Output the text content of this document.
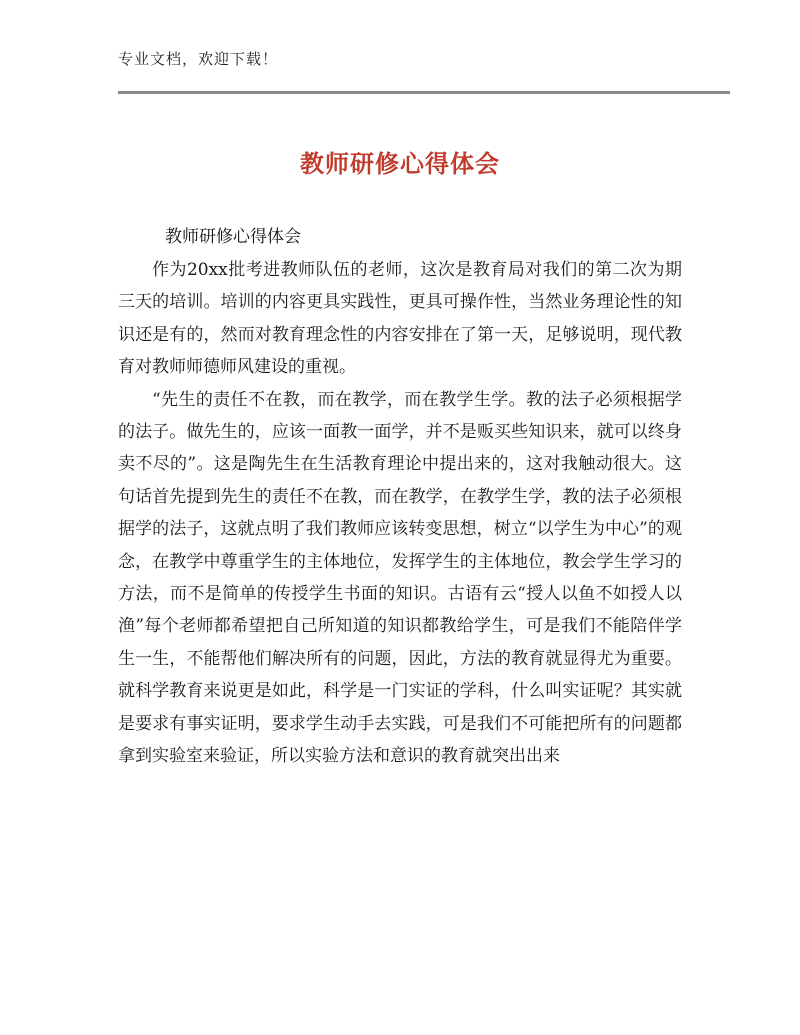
专业文档，欢迎下载！
教师研修心得体会
教师研修心得体会

作为20xx批考进教师队伍的老师，这次是教育局对我们的第二次为期三天的培训。培训的内容更具实践性，更具可操作性，当然业务理论性的知识还是有的，然而对教育理念性的内容安排在了第一天，足够说明，现代教育对教师师德师风建设的重视。

“先生的责任不在教，而在教学，而在教学生学。教的法子必须根据学的法子。做先生的，应该一面教一面学，并不是贩买些知识来，就可以终身卖不尽的”。这是陶先生在生活教育理论中提出来的，这对我触动很大。这句话首先提到先生的责任不在教，而在教学，在教学生学，教的法子必须根据学的法子，这就点明了我们教师应该转变思想，树立“以学生为中心”的观念，在教学中尊重学生的主体地位，发挥学生的主体地位，教会学生学习的方法，而不是简单的传授学生书面的知识。古语有云“授人以鱼不如授人以渔”每个老师都希望把自己所知道的知识都教给学生，可是我们不能陪伴学生一生，不能帮他们解决所有的问题，因此，方法的教育就显得尤为重要。就科学教育来说更是如此，科学是一门实证的学科，什么叫实证呢？其实就是要求有事实证明，要求学生动手去实践，可是我们不可能把所有的问题都拿到实验室来验证，所以实验方法和意识的教育就突出出来
